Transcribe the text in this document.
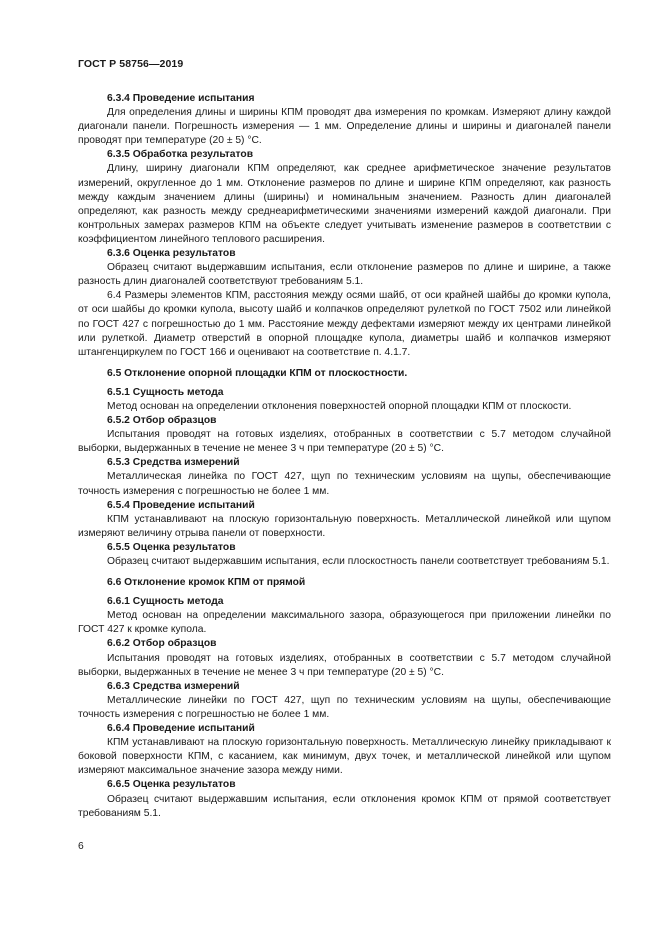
ГОСТ Р 58756—2019
6.3.4 Проведение испытания
Для определения длины и ширины КПМ проводят два измерения по кромкам. Измеряют длину каждой диагонали панели. Погрешность измерения — 1 мм. Определение длины и ширины и диагоналей панели проводят при температуре (20 ± 5) °С.
6.3.5 Обработка результатов
Длину, ширину диагонали КПМ определяют, как среднее арифметическое значение результатов измерений, округленное до 1 мм. Отклонение размеров по длине и ширине КПМ определяют, как разность между каждым значением длины (ширины) и номинальным значением. Разность длин диагоналей определяют, как разность между среднеарифметическими значениями измерений каждой диагонали. При контрольных замерах размеров КПМ на объекте следует учитывать изменение размеров в соответствии с коэффициентом линейного теплового расширения.
6.3.6 Оценка результатов
Образец считают выдержавшим испытания, если отклонение размеров по длине и ширине, а также разность длин диагоналей соответствуют требованиям 5.1.
6.4 Размеры элементов КПМ, расстояния между осями шайб, от оси крайней шайбы до кромки купола, от оси шайбы до кромки купола, высоту шайб и колпачков определяют рулеткой по ГОСТ 7502 или линейкой по ГОСТ 427 с погрешностью до 1 мм. Расстояние между дефектами измеряют между их центрами линейкой или рулеткой. Диаметр отверстий в опорной площадке купола, диаметры шайб и колпачков измеряют штангенциркулем по ГОСТ 166 и оценивают на соответствие п. 4.1.7.
6.5 Отклонение опорной площадки КПМ от плоскостности.
6.5.1 Сущность метода
Метод основан на определении отклонения поверхностей опорной площадки КПМ от плоскости.
6.5.2 Отбор образцов
Испытания проводят на готовых изделиях, отобранных в соответствии с 5.7 методом случайной выборки, выдержанных в течение не менее 3 ч при температуре (20 ± 5) °С.
6.5.3 Средства измерений
Металлическая линейка по ГОСТ 427, щуп по техническим условиям на щупы, обеспечивающие точность измерения с погрешностью не более 1 мм.
6.5.4 Проведение испытаний
КПМ устанавливают на плоскую горизонтальную поверхность. Металлической линейкой или щупом измеряют величину отрыва панели от поверхности.
6.5.5 Оценка результатов
Образец считают выдержавшим испытания, если плоскостность панели соответствует требованиям 5.1.
6.6 Отклонение кромок КПМ от прямой
6.6.1 Сущность метода
Метод основан на определении максимального зазора, образующегося при приложении линейки по ГОСТ 427 к кромке купола.
6.6.2 Отбор образцов
Испытания проводят на готовых изделиях, отобранных в соответствии с 5.7 методом случайной выборки, выдержанных в течение не менее 3 ч при температуре (20 ± 5) °С.
6.6.3 Средства измерений
Металлические линейки по ГОСТ 427, щуп по техническим условиям на щупы, обеспечивающие точность измерения с погрешностью не более 1 мм.
6.6.4 Проведение испытаний
КПМ устанавливают на плоскую горизонтальную поверхность. Металлическую линейку прикладывают к боковой поверхности КПМ, с касанием, как минимум, двух точек, и металлической линейкой или щупом измеряют максимальное значение зазора между ними.
6.6.5 Оценка результатов
Образец считают выдержавшим испытания, если отклонения кромок КПМ от прямой соответствует требованиям 5.1.
6
